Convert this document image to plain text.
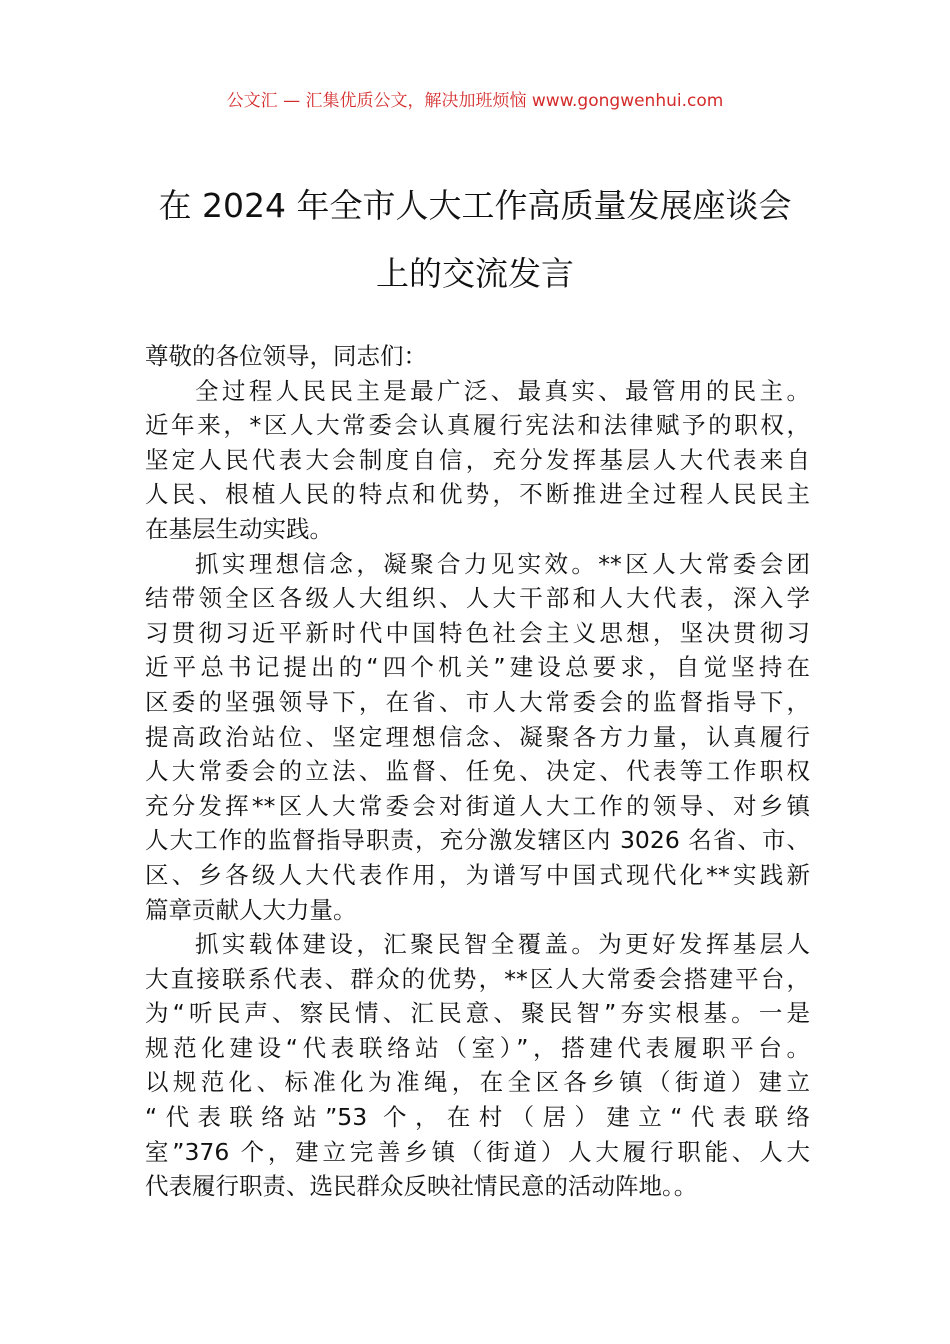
公文汇 — 汇集优质公文，解决加班烦恼 www.gongwenhui.com
在 2024 年全市人大工作高质量发展座谈会
上的交流发言
尊敬的各位领导，同志们：
全过程人民民主是最广泛、最真实、最管用的民主。
近年来，*区人大常委会认真履行宪法和法律赋予的职权，
坚定人民代表大会制度自信，充分发挥基层人大代表来自
人民、根植人民的特点和优势，不断推进全过程人民民主
在基层生动实践。
抓实理想信念，凝聚合力见实效。**区人大常委会团
结带领全区各级人大组织、人大干部和人大代表，深入学
习贯彻习近平新时代中国特色社会主义思想，坚决贯彻习
近平总书记提出的“四个机关”建设总要求，自觉坚持在
区委的坚强领导下，在省、市人大常委会的监督指导下，
提高政治站位、坚定理想信念、凝聚各方力量，认真履行
人大常委会的立法、监督、任免、决定、代表等工作职权
充分发挥**区人大常委会对街道人大工作的领导、对乡镇
人大工作的监督指导职责，充分激发辖区内 3026 名省、市、
区、乡各级人大代表作用，为谱写中国式现代化**实践新
篇章贡献人大力量。
抓实载体建设，汇聚民智全覆盖。为更好发挥基层人
大直接联系代表、群众的优势，**区人大常委会搭建平台，
为“听民声、察民情、汇民意、聚民智”夯实根基。一是
规范化建设“代表联络站（室）”，搭建代表履职平台。
以规范化、标准化为准绳，在全区各乡镇（街道）建立
“代表联络站”53 个，在村（居）建立“代表联络
室”376 个，建立完善乡镇（街道）人大履行职能、人大
代表履行职责、选民群众反映社情民意的活动阵地。。
